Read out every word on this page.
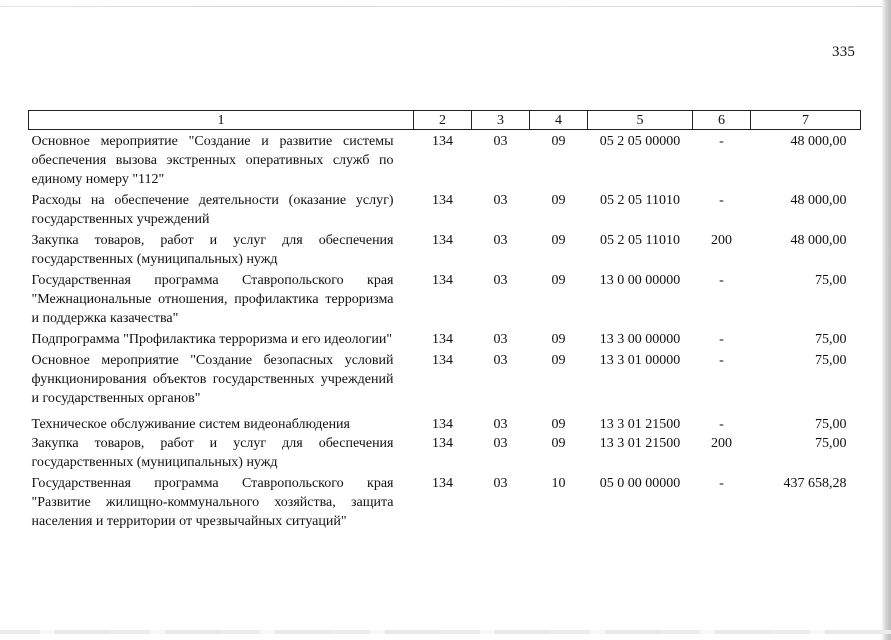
335
1	2	3	4	5	6	7
Основное мероприятие "Создание и развитие системы обеспечения вызова экстренных оперативных служб по единому номеру "112"	134	03	09	05 2 05 00000	-	48 000,00
Расходы на обеспечение деятельности (оказание услуг) государственных учреждений	134	03	09	05 2 05 11010	-	48 000,00
Закупка товаров, работ и услуг для обеспечения государственных (муниципальных) нужд	134	03	09	05 2 05 11010	200	48 000,00
Государственная программа Ставропольского края "Межнациональные отношения, профилактика терроризма и поддержка казачества"	134	03	09	13 0 00 00000	-	75,00
Подпрограмма "Профилактика терроризма и его идеологии"	134	03	09	13 3 00 00000	-	75,00
Основное мероприятие "Создание безопасных условий функционирования объектов государственных учреждений и государственных органов"	134	03	09	13 3 01 00000	-	75,00
Техническое обслуживание систем видеонаблюдения	134	03	09	13 3 01 21500	-	75,00
Закупка товаров, работ и услуг для обеспечения государственных (муниципальных) нужд	134	03	09	13 3 01 21500	200	75,00
Государственная программа Ставропольского края "Развитие жилищно-коммунального хозяйства, защита населения и территории от чрезвычайных ситуаций"	134	03	10	05 0 00 00000	-	437 658,28
